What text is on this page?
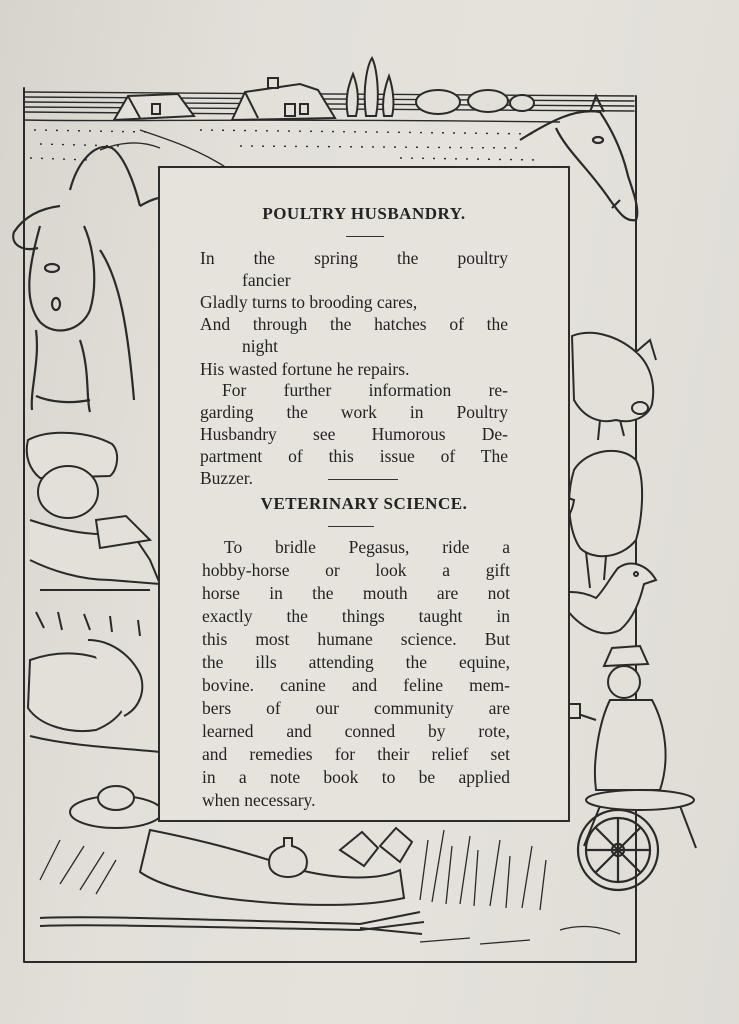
POULTRY HUSBANDRY.

In the spring the poultry

fancier

Gladly turns to brooding cares,

And through the hatches of the

night

His wasted fortune he repairs.

For further information re-

garding the work in Poultry

Husbandry see Humorous De-

partment of this issue of The

Buzzer.

VETERINARY SCIENCE.

To bridle Pegasus, ride a

hobby-horse or look a gift

horse in the mouth are not

exactly the things taught in

this most humane science. But

the ills attending the equine,

bovine. canine and feline mem-

bers of our community are

learned and conned by rote,

and remedies for their relief set

in a note book to be applied

when necessary.
